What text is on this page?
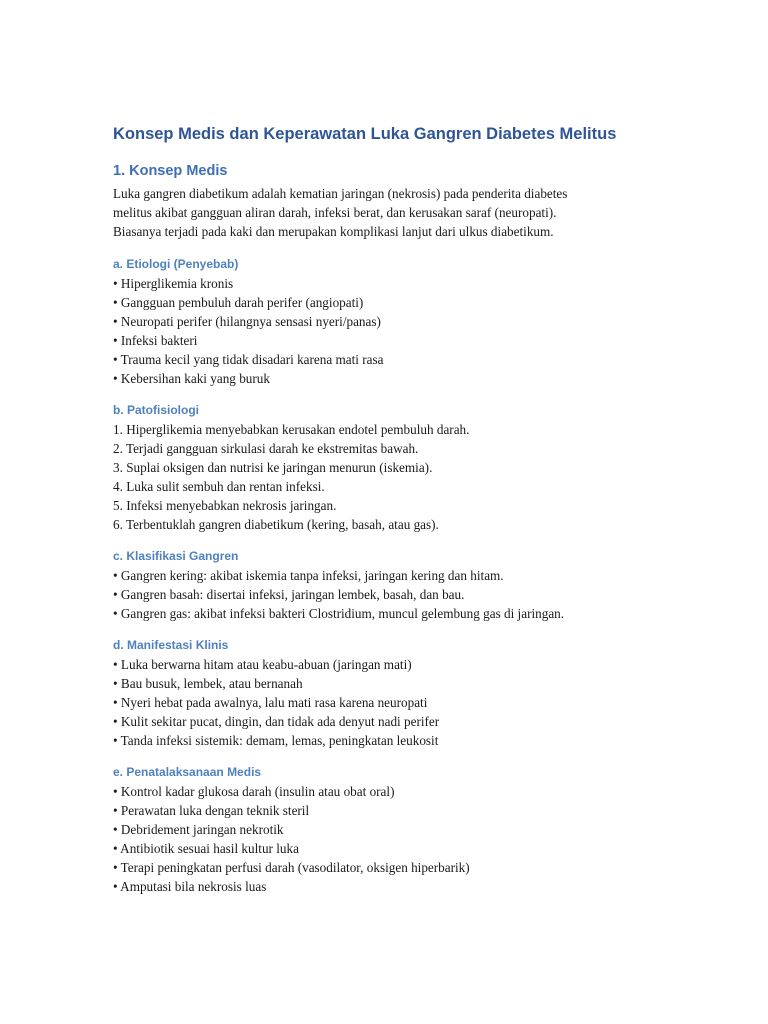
Konsep Medis dan Keperawatan Luka Gangren Diabetes Melitus
1. Konsep Medis
Luka gangren diabetikum adalah kematian jaringan (nekrosis) pada penderita diabetes
melitus akibat gangguan aliran darah, infeksi berat, dan kerusakan saraf (neuropati).
Biasanya terjadi pada kaki dan merupakan komplikasi lanjut dari ulkus diabetikum.
a. Etiologi (Penyebab)
• Hiperglikemia kronis
• Gangguan pembuluh darah perifer (angiopati)
• Neuropati perifer (hilangnya sensasi nyeri/panas)
• Infeksi bakteri
• Trauma kecil yang tidak disadari karena mati rasa
• Kebersihan kaki yang buruk
b. Patofisiologi
1. Hiperglikemia menyebabkan kerusakan endotel pembuluh darah.
2. Terjadi gangguan sirkulasi darah ke ekstremitas bawah.
3. Suplai oksigen dan nutrisi ke jaringan menurun (iskemia).
4. Luka sulit sembuh dan rentan infeksi.
5. Infeksi menyebabkan nekrosis jaringan.
6. Terbentuklah gangren diabetikum (kering, basah, atau gas).
c. Klasifikasi Gangren
• Gangren kering: akibat iskemia tanpa infeksi, jaringan kering dan hitam.
• Gangren basah: disertai infeksi, jaringan lembek, basah, dan bau.
• Gangren gas: akibat infeksi bakteri Clostridium, muncul gelembung gas di jaringan.
d. Manifestasi Klinis
• Luka berwarna hitam atau keabu-abuan (jaringan mati)
• Bau busuk, lembek, atau bernanah
• Nyeri hebat pada awalnya, lalu mati rasa karena neuropati
• Kulit sekitar pucat, dingin, dan tidak ada denyut nadi perifer
• Tanda infeksi sistemik: demam, lemas, peningkatan leukosit
e. Penatalaksanaan Medis
• Kontrol kadar glukosa darah (insulin atau obat oral)
• Perawatan luka dengan teknik steril
• Debridement jaringan nekrotik
• Antibiotik sesuai hasil kultur luka
• Terapi peningkatan perfusi darah (vasodilator, oksigen hiperbarik)
• Amputasi bila nekrosis luas
